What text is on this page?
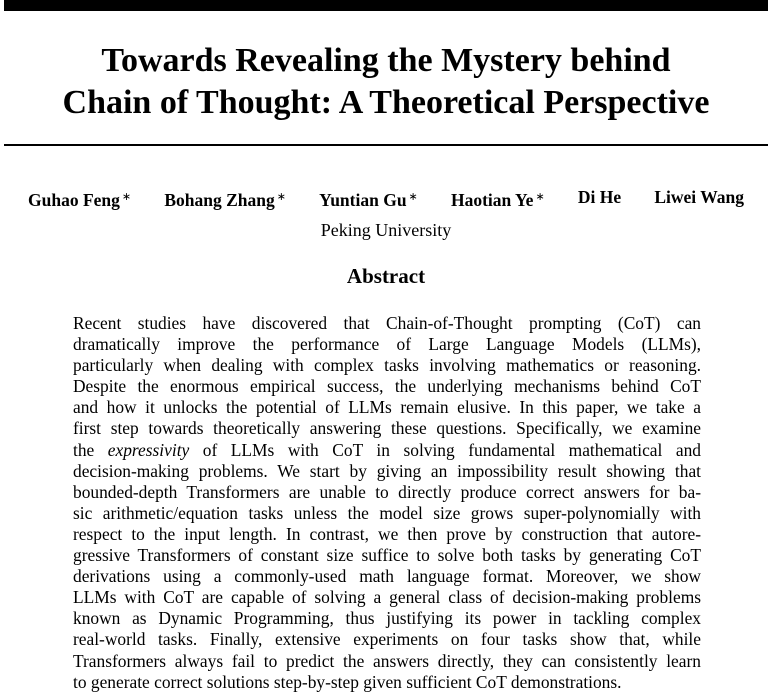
Towards Revealing the Mystery behind
Chain of Thought: A Theoretical Perspective
Guhao Feng ∗ Bohang Zhang ∗ Yuntian Gu ∗ Haotian Ye ∗ Di He Liwei Wang
Peking University
Abstract
Recent studies have discovered that Chain-of-Thought prompting (CoT) can
dramatically improve the performance of Large Language Models (LLMs),
particularly when dealing with complex tasks involving mathematics or reasoning.
Despite the enormous empirical success, the underlying mechanisms behind CoT
and how it unlocks the potential of LLMs remain elusive. In this paper, we take a
first step towards theoretically answering these questions. Specifically, we examine
the expressivity of LLMs with CoT in solving fundamental mathematical and
decision-making problems. We start by giving an impossibility result showing that
bounded-depth Transformers are unable to directly produce correct answers for ba-
sic arithmetic/equation tasks unless the model size grows super-polynomially with
respect to the input length. In contrast, we then prove by construction that autore-
gressive Transformers of constant size suffice to solve both tasks by generating CoT
derivations using a commonly-used math language format. Moreover, we show
LLMs with CoT are capable of solving a general class of decision-making problems
known as Dynamic Programming, thus justifying its power in tackling complex
real-world tasks. Finally, extensive experiments on four tasks show that, while
Transformers always fail to predict the answers directly, they can consistently learn
to generate correct solutions step-by-step given sufficient CoT demonstrations.
